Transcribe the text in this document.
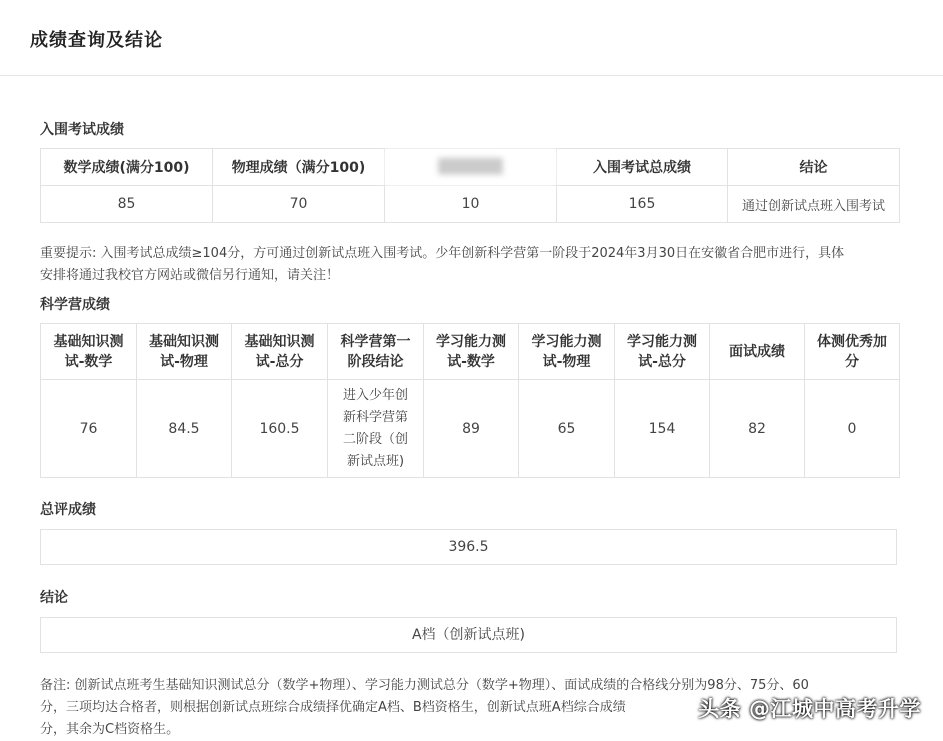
成绩查询及结论
入围考试成绩
数学成绩(满分100)	物理成绩（满分100)	▒▒▒▒▒▒	入围考试总成绩	结论
85	70	10	165	通过创新试点班入围考试
重要提示: 入围考试总成绩≥104分，方可通过创新试点班入围考试。少年创新科学营第一阶段于2024年3月30日在安徽省合肥市进行，具体
安排将通过我校官方网站或微信另行通知，请关注！
科学营成绩
基础知识测试-数学	基础知识测试-物理	基础知识测试-总分	科学营第一阶段结论	学习能力测试-数学	学习能力测试-物理	学习能力测试-总分	面试成绩	体测优秀加分
76	84.5	160.5	进入少年创新科学营第二阶段（创新试点班)	89	65	154	82	0
总评成绩
396.5
结论
A档（创新试点班)
备注: 创新试点班考生基础知识测试总分（数学+物理）、学习能力测试总分（数学+物理）、面试成绩的合格线分别为98分、75分、60
分，三项均达合格者，则根据创新试点班综合成绩择优确定A档、B档资格生，创新试点班A档综合成绩
分，其余为C档资格生。
头条 @江城中高考升学
